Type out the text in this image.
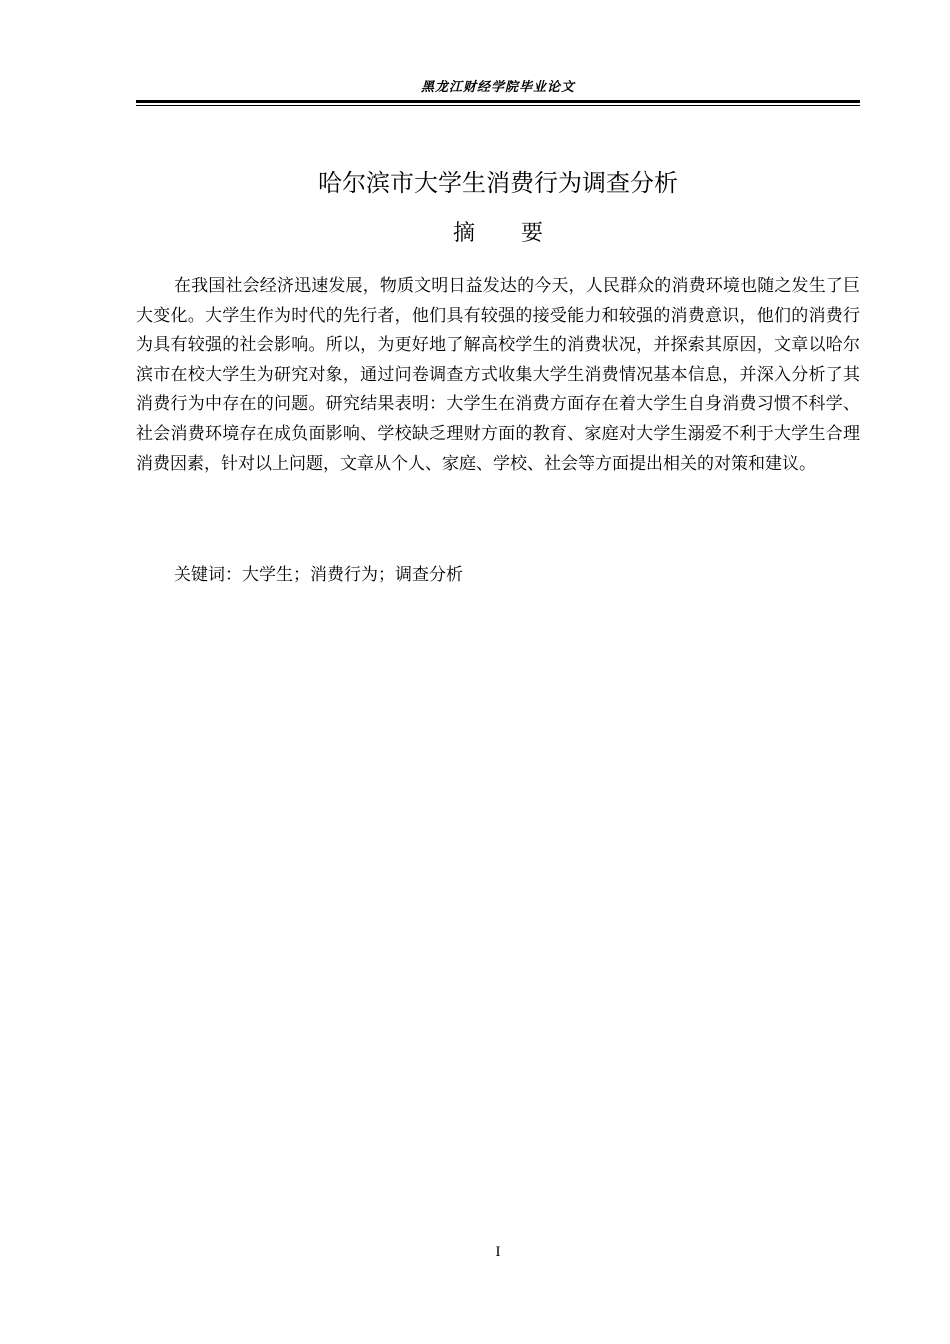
黑龙江财经学院毕业论文
哈尔滨市大学生消费行为调查分析
摘要

在我国社会经济迅速发展，物质文明日益发达的今天，人民群众的消费环境也随之发生了巨大变化。大学生作为时代的先行者，他们具有较强的接受能力和较强的消费意识，他们的消费行为具有较强的社会影响。所以，为更好地了解高校学生的消费状况，并探索其原因，文章以哈尔滨市在校大学生为研究对象，通过问卷调查方式收集大学生消费情况基本信息，并深入分析了其消费行为中存在的问题。研究结果表明：大学生在消费方面存在着大学生自身消费习惯不科学、社会消费环境存在成负面影响、学校缺乏理财方面的教育、家庭对大学生溺爱不利于大学生合理消费因素，针对以上问题，文章从个人、家庭、学校、社会等方面提出相关的对策和建议。

关键词：大学生；消费行为；调查分析
I
